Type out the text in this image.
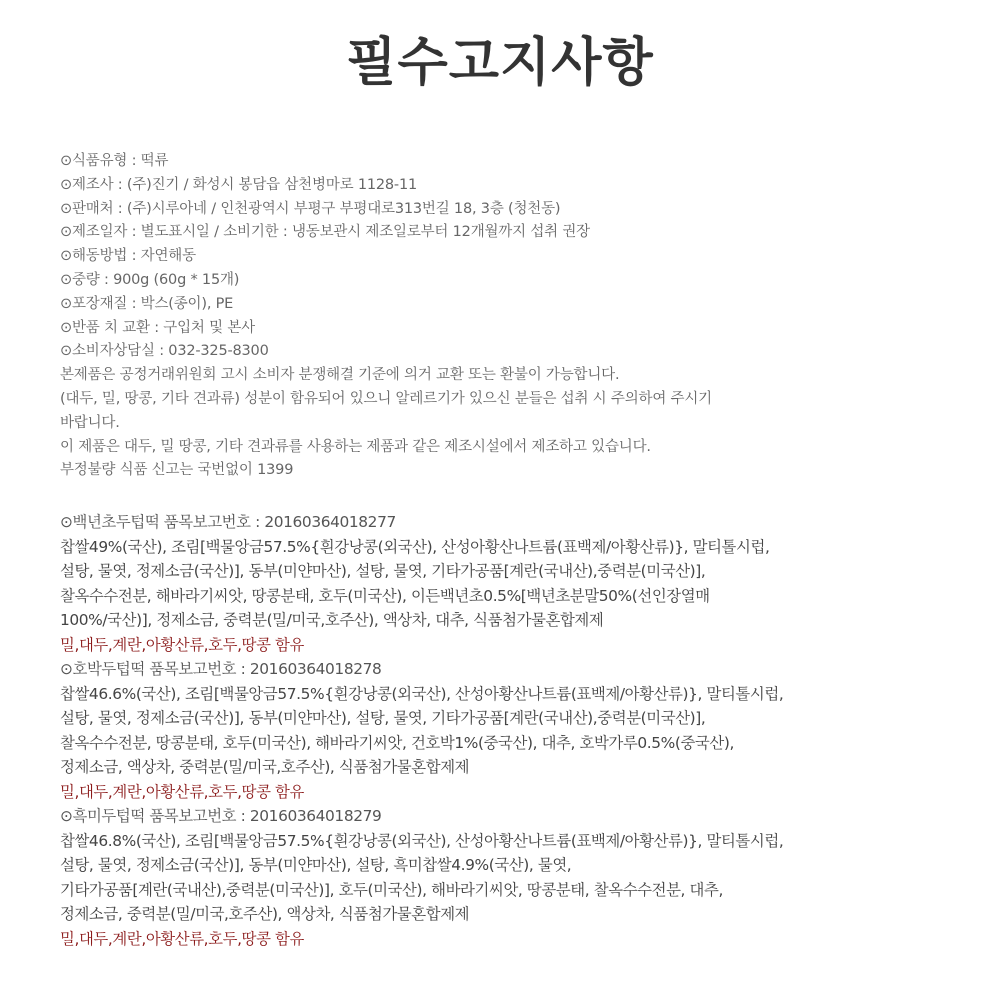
필수고지사항
⊙식품유형 : 떡류
⊙제조사 : (주)진기 / 화성시 봉담읍 삼천병마로 1128-11
⊙판매처 : (주)시루아네 / 인천광역시 부평구 부평대로313번길 18, 3층 (청천동)
⊙제조일자 : 별도표시일 / 소비기한 : 냉동보관시 제조일로부터 12개월까지 섭취 권장
⊙해동방법 : 자연해동
⊙중량 : 900g (60g * 15개)
⊙포장재질 : 박스(종이), PE
⊙반품 치 교환 : 구입처 및 본사
⊙소비자상담실 : 032-325-8300
본제품은 공정거래위원회 고시 소비자 분쟁해결 기준에 의거 교환 또는 환불이 가능합니다.
(대두, 밀, 땅콩, 기타 견과류) 성분이 함유되어 있으니 알레르기가 있으신 분들은 섭취 시 주의하여 주시기
바랍니다.
이 제품은 대두, 밀 땅콩, 기타 견과류를 사용하는 제품과 같은 제조시설에서 제조하고 있습니다.
부정불량 식품 신고는 국번없이 1399
⊙백년초두텁떡 품목보고번호 : 20160364018277
찹쌀49%(국산), 조림[백물앙금57.5%{흰강낭콩(외국산), 산성아황산나트륨(표백제/아황산류)}, 말티톨시럽,
설탕, 물엿, 정제소금(국산)], 동부(미얀마산), 설탕, 물엿, 기타가공품[계란(국내산),중력분(미국산)],
찰옥수수전분, 해바라기씨앗, 땅콩분태, 호두(미국산), 이든백년초0.5%[백년초분말50%(선인장열매
100%/국산)], 정제소금, 중력분(밀/미국,호주산), 액상차, 대추, 식품첨가물혼합제제
밀,대두,계란,아황산류,호두,땅콩 함유
⊙호박두텁떡 품목보고번호 : 20160364018278
찹쌀46.6%(국산), 조림[백물앙금57.5%{흰강낭콩(외국산), 산성아황산나트륨(표백제/아황산류)}, 말티톨시럽,
설탕, 물엿, 정제소금(국산)], 동부(미얀마산), 설탕, 물엿, 기타가공품[계란(국내산),중력분(미국산)],
찰옥수수전분, 땅콩분태, 호두(미국산), 해바라기씨앗, 건호박1%(중국산), 대추, 호박가루0.5%(중국산),
정제소금, 액상차, 중력분(밀/미국,호주산), 식품첨가물혼합제제
밀,대두,계란,아황산류,호두,땅콩 함유
⊙흑미두텁떡 품목보고번호 : 20160364018279
찹쌀46.8%(국산), 조림[백물앙금57.5%{흰강낭콩(외국산), 산성아황산나트륨(표백제/아황산류)}, 말티톨시럽,
설탕, 물엿, 정제소금(국산)], 동부(미얀마산), 설탕, 흑미찹쌀4.9%(국산), 물엿,
기타가공품[계란(국내산),중력분(미국산)], 호두(미국산), 해바라기씨앗, 땅콩분태, 찰옥수수전분, 대추,
정제소금, 중력분(밀/미국,호주산), 액상차, 식품첨가물혼합제제
밀,대두,계란,아황산류,호두,땅콩 함유
